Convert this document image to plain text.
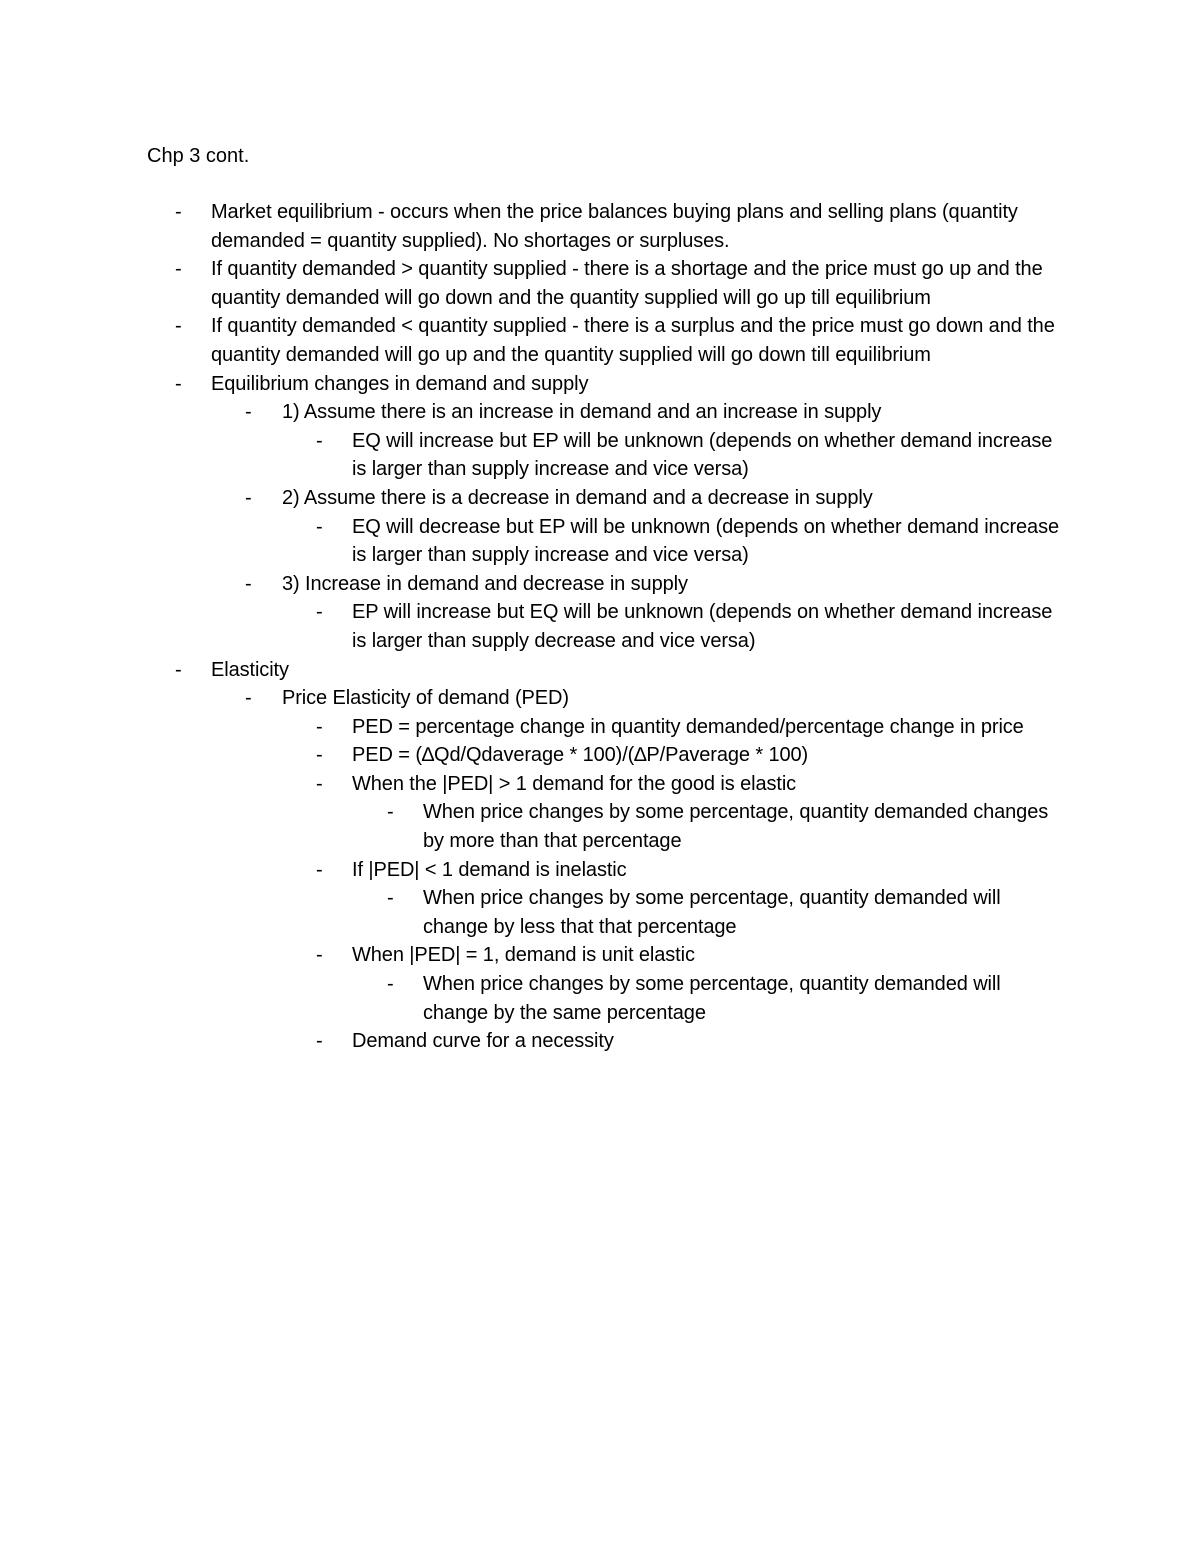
Chp 3 cont.
- Market equilibrium - occurs when the price balances buying plans and selling plans (quantity demanded = quantity supplied). No shortages or surpluses.
- If quantity demanded > quantity supplied - there is a shortage and the price must go up and the quantity demanded will go down and the quantity supplied will go up till equilibrium
- If quantity demanded < quantity supplied - there is a surplus and the price must go down and the quantity demanded will go up and the quantity supplied will go down till equilibrium
- Equilibrium changes in demand and supply
- 1) Assume there is an increase in demand and an increase in supply
- EQ will increase but EP will be unknown (depends on whether demand increase is larger than supply increase and vice versa)
- 2) Assume there is a decrease in demand and a decrease in supply
- EQ will decrease but EP will be unknown (depends on whether demand increase is larger than supply increase and vice versa)
- 3) Increase in demand and decrease in supply
- EP will increase but EQ will be unknown (depends on whether demand increase is larger than supply decrease and vice versa)
- Elasticity
- Price Elasticity of demand (PED)
- PED = percentage change in quantity demanded/percentage change in price
- PED = (∆Qd/Qdaverage * 100)/(∆P/Paverage * 100)
- When the |PED| > 1 demand for the good is elastic
- When price changes by some percentage, quantity demanded changes by more than that percentage
- If |PED| < 1 demand is inelastic
- When price changes by some percentage, quantity demanded will change by less that that percentage
- When |PED| = 1, demand is unit elastic
- When price changes by some percentage, quantity demanded will change by the same percentage
- Demand curve for a necessity
